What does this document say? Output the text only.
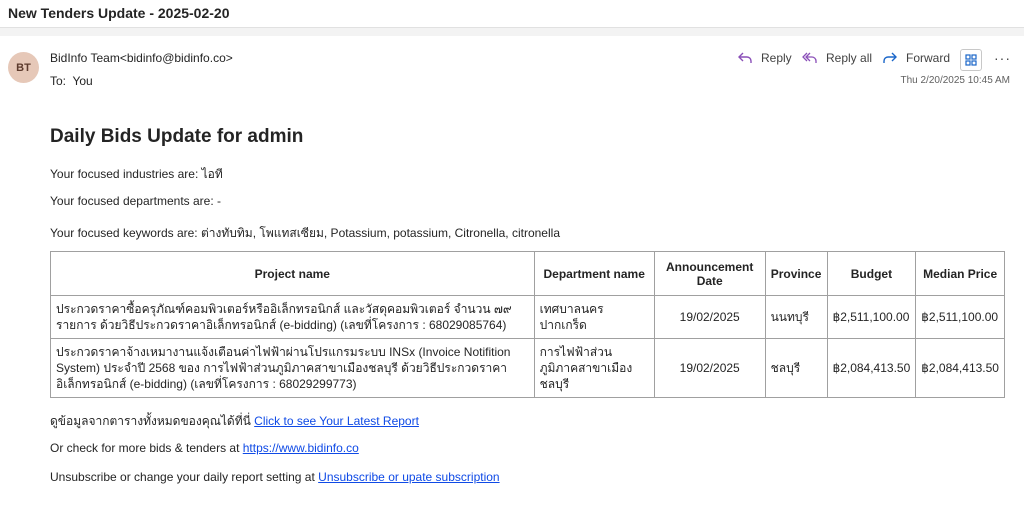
New Tenders Update - 2025-02-20
BT
BidInfo Team<bidinfo@bidinfo.co>
To: You
Reply	Reply all	Forward	···
Thu 2/20/2025 10:45 AM
Daily Bids Update for admin
Your focused industries are: ไอที
Your focused departments are: -
Your focused keywords are: ต่างทับทิม, โพแทสเซียม, Potassium, potassium, Citronella, citronella
Project name	Department name	Announcement Date	Province	Budget	Median Price
ประกวดราคาซื้อครุภัณฑ์คอมพิวเตอร์หรืออิเล็กทรอนิกส์ และวัสดุคอมพิวเตอร์ จำนวน ๗๙ รายการ ด้วยวิธีประกวดราคาอิเล็กทรอนิกส์ (e-bidding) (เลขที่โครงการ : 68029085764)	เทศบาลนครปากเกร็ด	19/02/2025	นนทบุรี	฿2,511,100.00	฿2,511,100.00
ประกวดราคาจ้างเหมางานแจ้งเตือนค่าไฟฟ้าผ่านโปรแกรมระบบ INSx (Invoice Notifition System) ประจำปี 2568 ของ การไฟฟ้าส่วนภูมิภาคสาขาเมืองชลบุรี ด้วยวิธีประกวดราคาอิเล็กทรอนิกส์ (e-bidding) (เลขที่โครงการ : 68029299773)	การไฟฟ้าส่วนภูมิภาคสาขาเมืองชลบุรี	19/02/2025	ชลบุรี	฿2,084,413.50	฿2,084,413.50
ดูข้อมูลจากตารางทั้งหมดของคุณได้ที่นี่ Click to see Your Latest Report
Or check for more bids & tenders at https://www.bidinfo.co
Unsubscribe or change your daily report setting at Unsubscribe or upate subscription
